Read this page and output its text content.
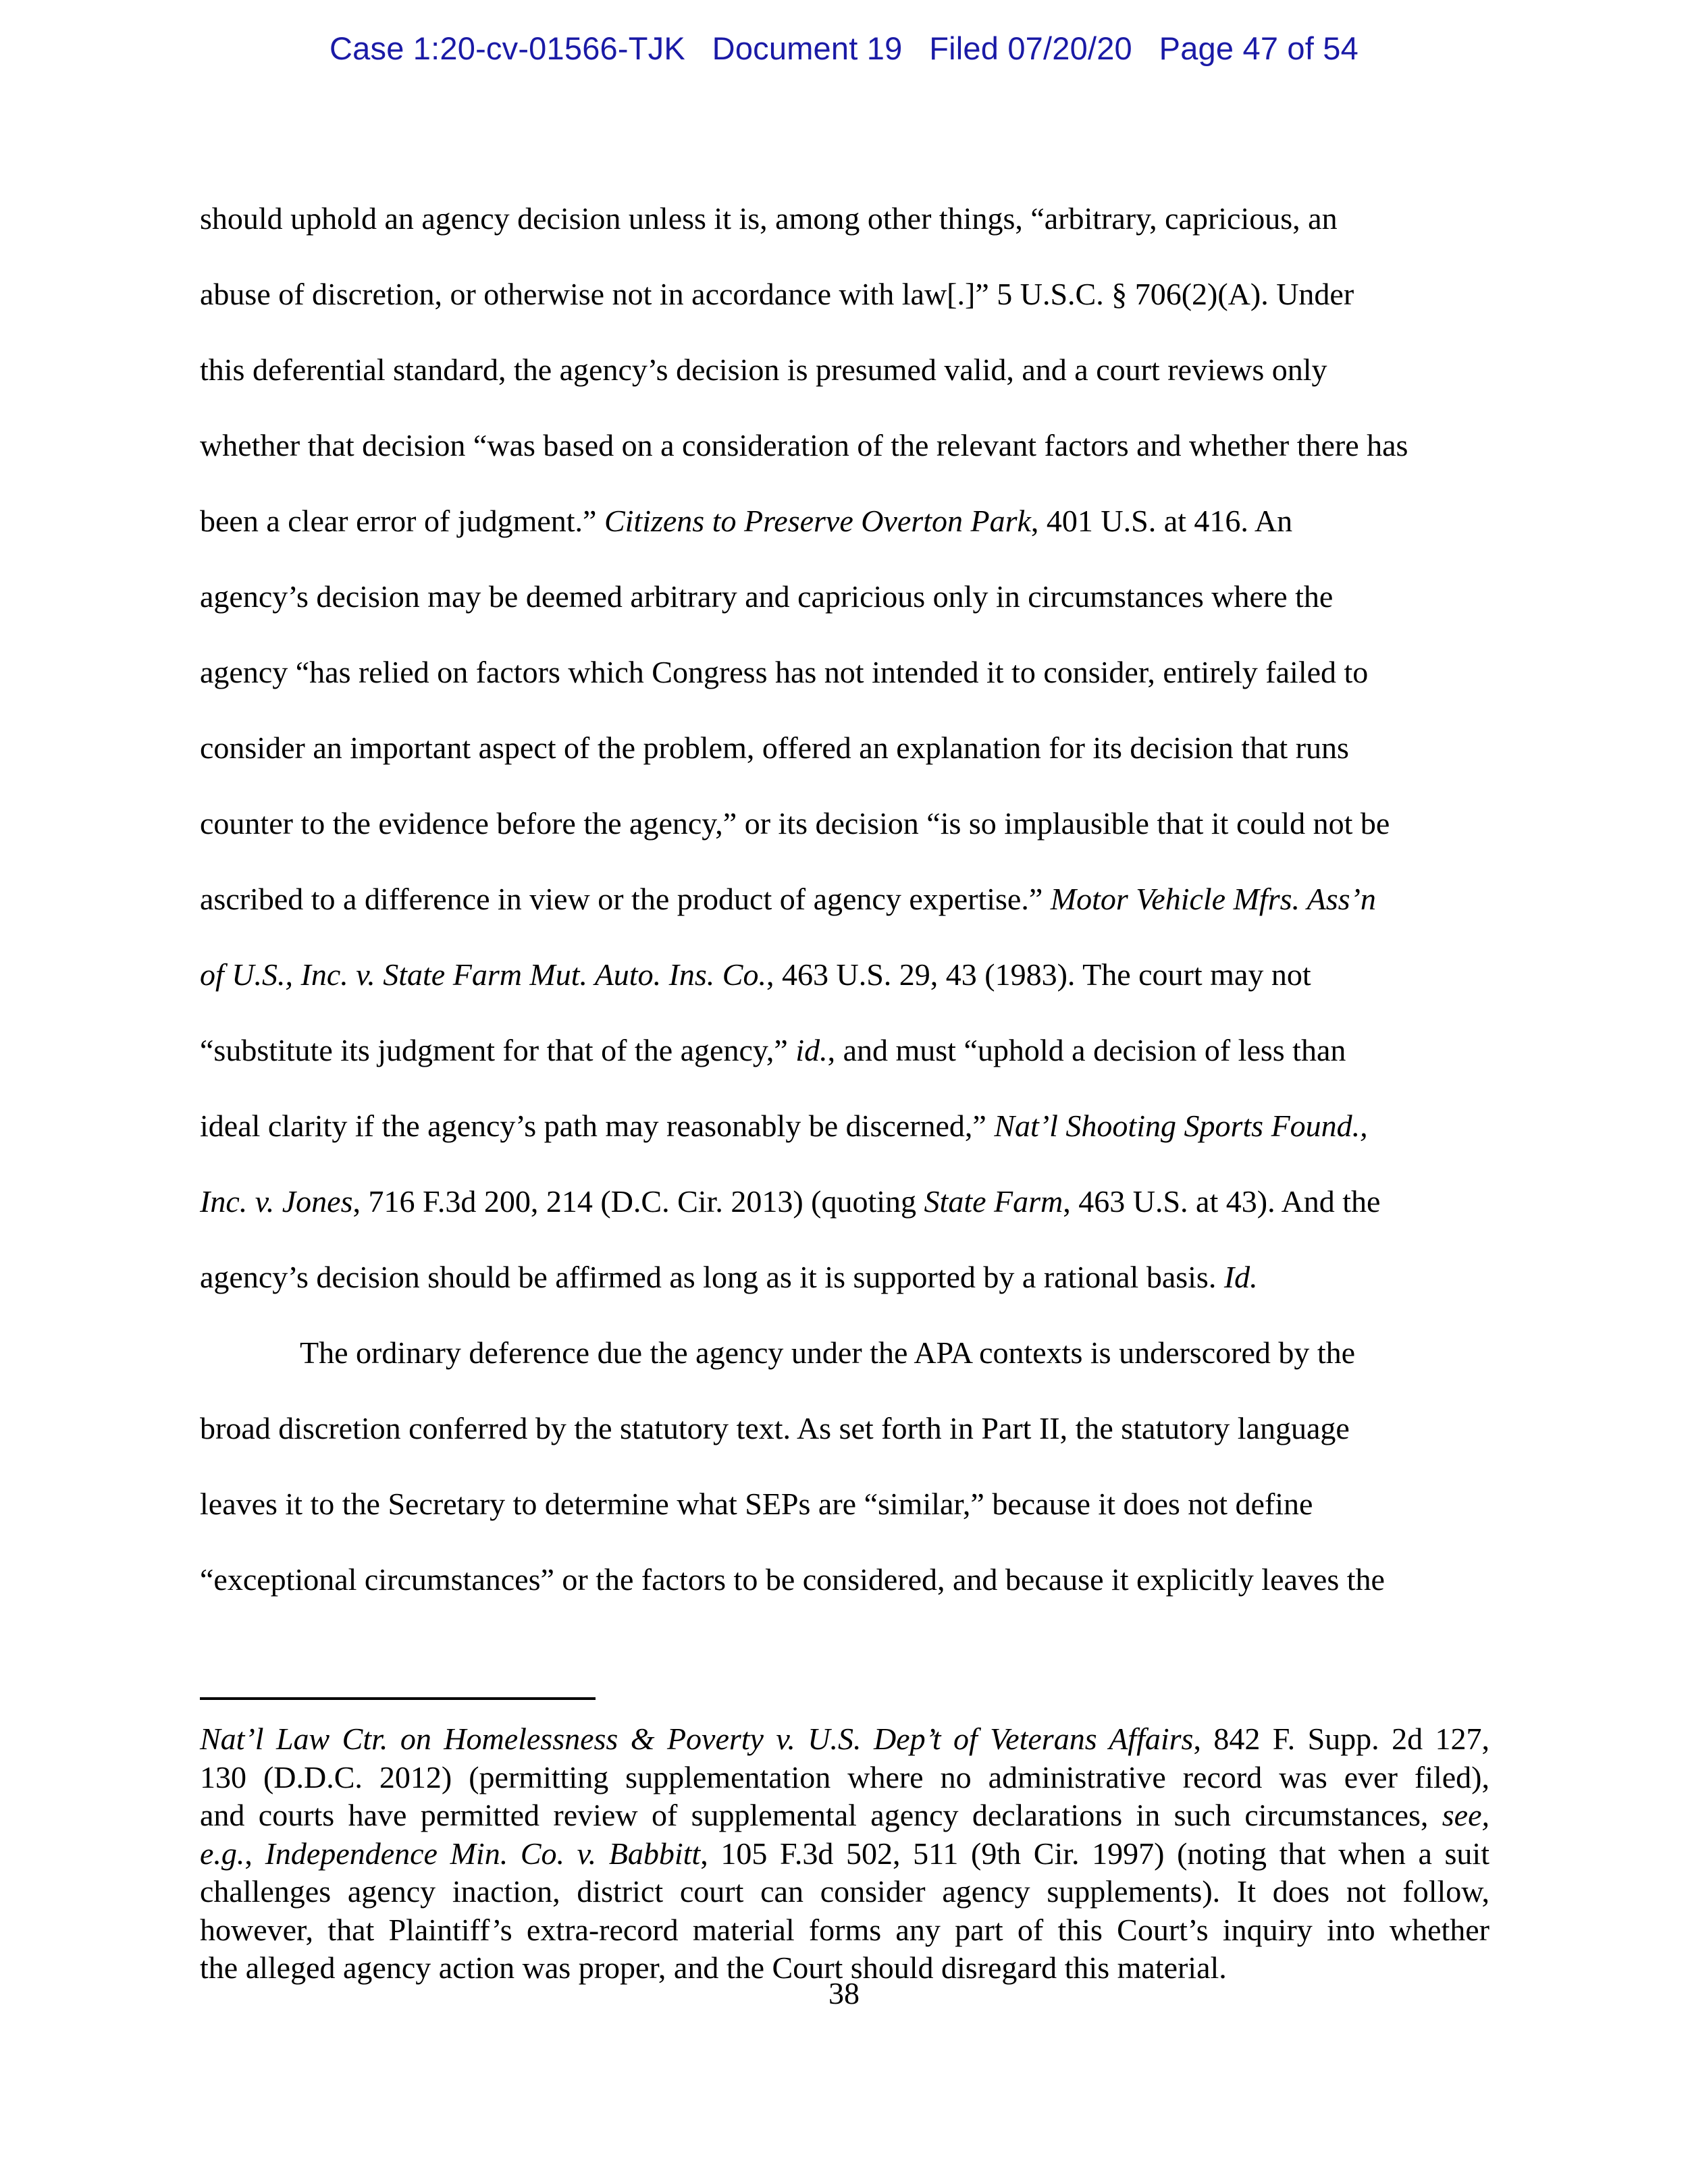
Case 1:20-cv-01566-TJK Document 19 Filed 07/20/20 Page 47 of 54
should uphold an agency decision unless it is, among other things, “arbitrary, capricious, an
abuse of discretion, or otherwise not in accordance with law[.]” 5 U.S.C. § 706(2)(A). Under
this deferential standard, the agency’s decision is presumed valid, and a court reviews only
whether that decision “was based on a consideration of the relevant factors and whether there has
been a clear error of judgment.” Citizens to Preserve Overton Park, 401 U.S. at 416. An
agency’s decision may be deemed arbitrary and capricious only in circumstances where the
agency “has relied on factors which Congress has not intended it to consider, entirely failed to
consider an important aspect of the problem, offered an explanation for its decision that runs
counter to the evidence before the agency,” or its decision “is so implausible that it could not be
ascribed to a difference in view or the product of agency expertise.” Motor Vehicle Mfrs. Ass’n
of U.S., Inc. v. State Farm Mut. Auto. Ins. Co., 463 U.S. 29, 43 (1983). The court may not
“substitute its judgment for that of the agency,” id., and must “uphold a decision of less than
ideal clarity if the agency’s path may reasonably be discerned,” Nat’l Shooting Sports Found.,
Inc. v. Jones, 716 F.3d 200, 214 (D.C. Cir. 2013) (quoting State Farm, 463 U.S. at 43). And the
agency’s decision should be affirmed as long as it is supported by a rational basis. Id.
The ordinary deference due the agency under the APA contexts is underscored by the
broad discretion conferred by the statutory text. As set forth in Part II, the statutory language
leaves it to the Secretary to determine what SEPs are “similar,” because it does not define
“exceptional circumstances” or the factors to be considered, and because it explicitly leaves the
Nat’l Law Ctr. on Homelessness & Poverty v. U.S. Dep’t of Veterans Affairs, 842 F. Supp. 2d 127,
130 (D.D.C. 2012) (permitting supplementation where no administrative record was ever filed),
and courts have permitted review of supplemental agency declarations in such circumstances, see,
e.g., Independence Min. Co. v. Babbitt, 105 F.3d 502, 511 (9th Cir. 1997) (noting that when a suit
challenges agency inaction, district court can consider agency supplements). It does not follow,
however, that Plaintiff’s extra-record material forms any part of this Court’s inquiry into whether
the alleged agency action was proper, and the Court should disregard this material.
38
